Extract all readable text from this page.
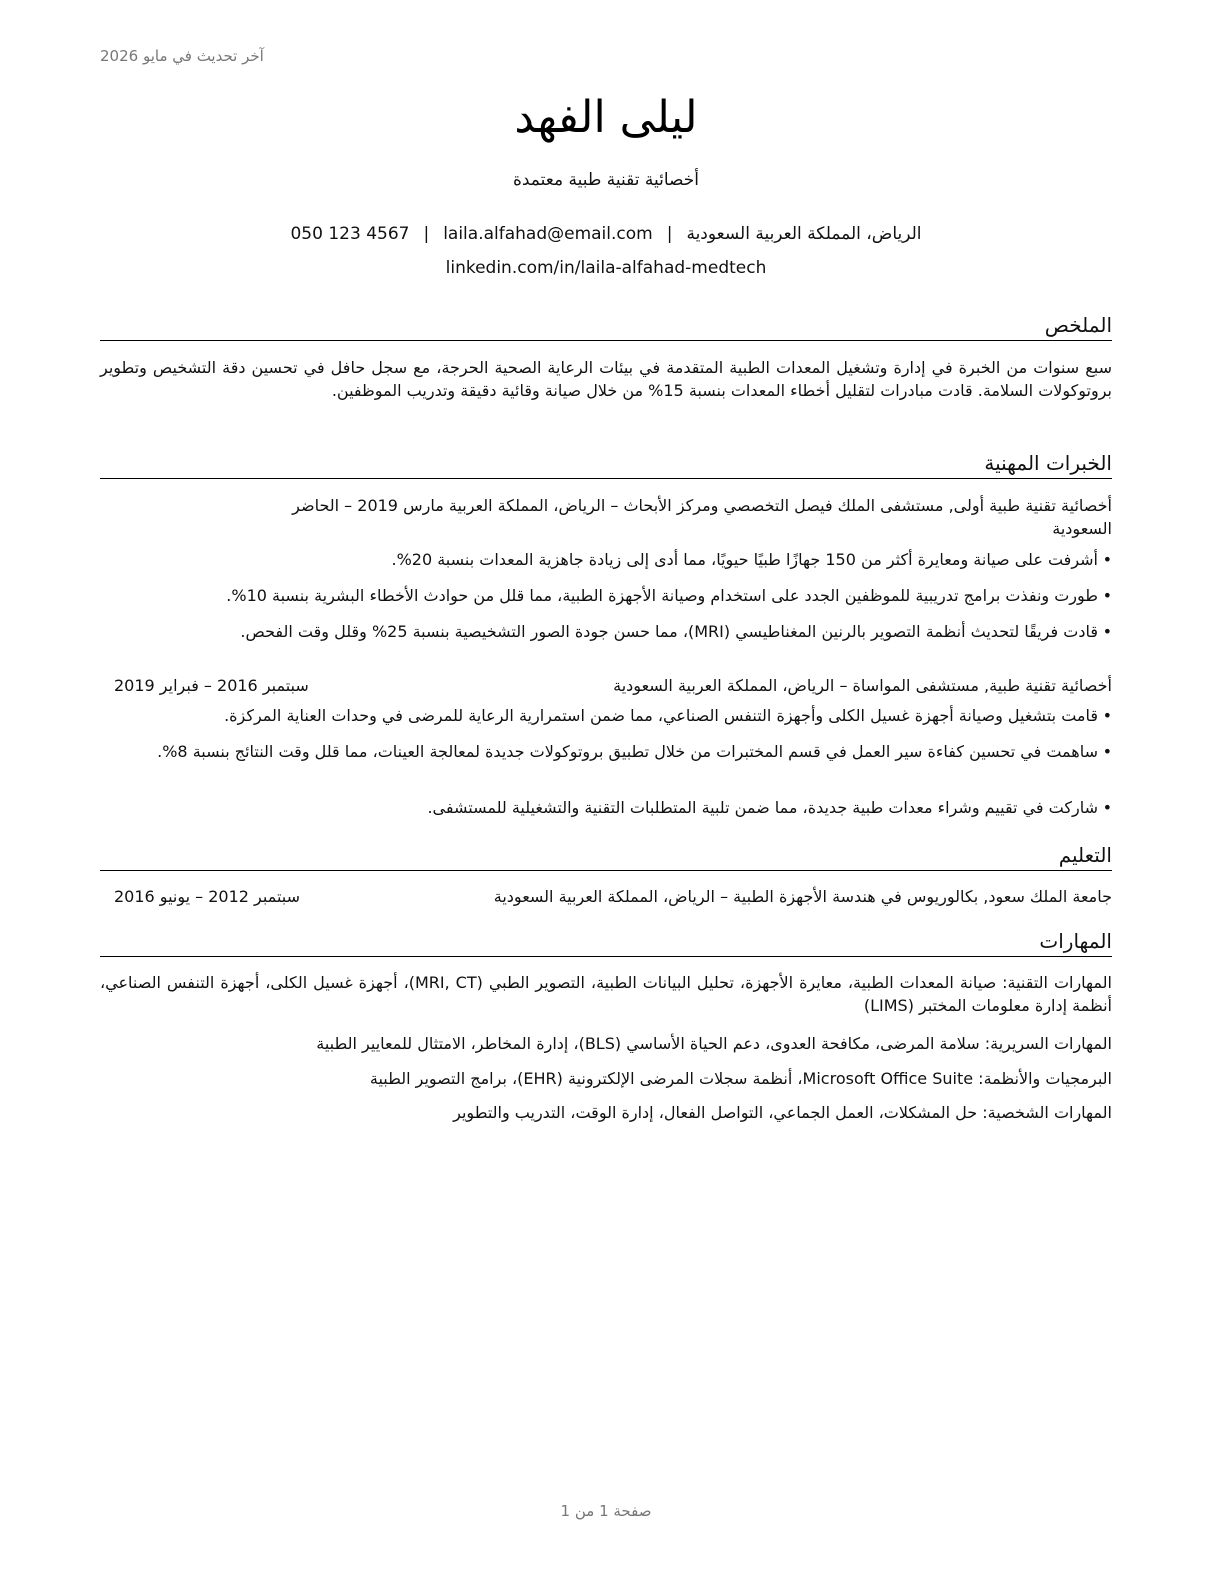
آخر تحديث في مايو 2026
ليلى الفهد
أخصائية تقنية طبية معتمدة
الرياض، المملكة العربية السعودية|laila.alfahad@email.com|050 123 4567
linkedin.com/in/laila-alfahad-medtech
الملخص
سبع سنوات من الخبرة في إدارة وتشغيل المعدات الطبية المتقدمة في بيئات الرعاية الصحية الحرجة، مع سجل حافل في تحسين دقة التشخيص وتطوير بروتوكولات السلامة. قادت مبادرات لتقليل أخطاء المعدات بنسبة 15% من خلال صيانة وقائية دقيقة وتدريب الموظفين.
الخبرات المهنية
أخصائية تقنية طبية أولى, مستشفى الملك فيصل التخصصي ومركز الأبحاث – الرياض، المملكة العربية مارس 2019 – الحاضر
السعودية
•
أشرفت على صيانة ومعايرة أكثر من 150 جهازًا طبيًا حيويًا، مما أدى إلى زيادة جاهزية المعدات بنسبة 20%.
•
طورت ونفذت برامج تدريبية للموظفين الجدد على استخدام وصيانة الأجهزة الطبية، مما قلل من حوادث الأخطاء البشرية بنسبة 10%.
•
قادت فريقًا لتحديث أنظمة التصوير بالرنين المغناطيسي (MRI)، مما حسن جودة الصور التشخيصية بنسبة 25% وقلل وقت الفحص.
أخصائية تقنية طبية, مستشفى المواساة – الرياض، المملكة العربية السعودية
سبتمبر 2016 – فبراير 2019
•
قامت بتشغيل وصيانة أجهزة غسيل الكلى وأجهزة التنفس الصناعي، مما ضمن استمرارية الرعاية للمرضى في وحدات العناية المركزة.
•
ساهمت في تحسين كفاءة سير العمل في قسم المختبرات من خلال تطبيق بروتوكولات جديدة لمعالجة العينات، مما قلل وقت النتائج بنسبة 8%.
•
شاركت في تقييم وشراء معدات طبية جديدة، مما ضمن تلبية المتطلبات التقنية والتشغيلية للمستشفى.
التعليم
جامعة الملك سعود, بكالوريوس في هندسة الأجهزة الطبية – الرياض، المملكة العربية السعودية
سبتمبر 2012 – يونيو 2016
المهارات
المهارات التقنية: صيانة المعدات الطبية، معايرة الأجهزة، تحليل البيانات الطبية، التصوير الطبي (MRI, CT)، أجهزة غسيل الكلى، أجهزة التنفس الصناعي، أنظمة إدارة معلومات المختبر (LIMS)
المهارات السريرية: سلامة المرضى، مكافحة العدوى، دعم الحياة الأساسي (BLS)، إدارة المخاطر، الامتثال للمعايير الطبية
البرمجيات والأنظمة: Microsoft Office Suite، أنظمة سجلات المرضى الإلكترونية (EHR)، برامج التصوير الطبية
المهارات الشخصية: حل المشكلات، العمل الجماعي، التواصل الفعال، إدارة الوقت، التدريب والتطوير
صفحة 1 من 1
